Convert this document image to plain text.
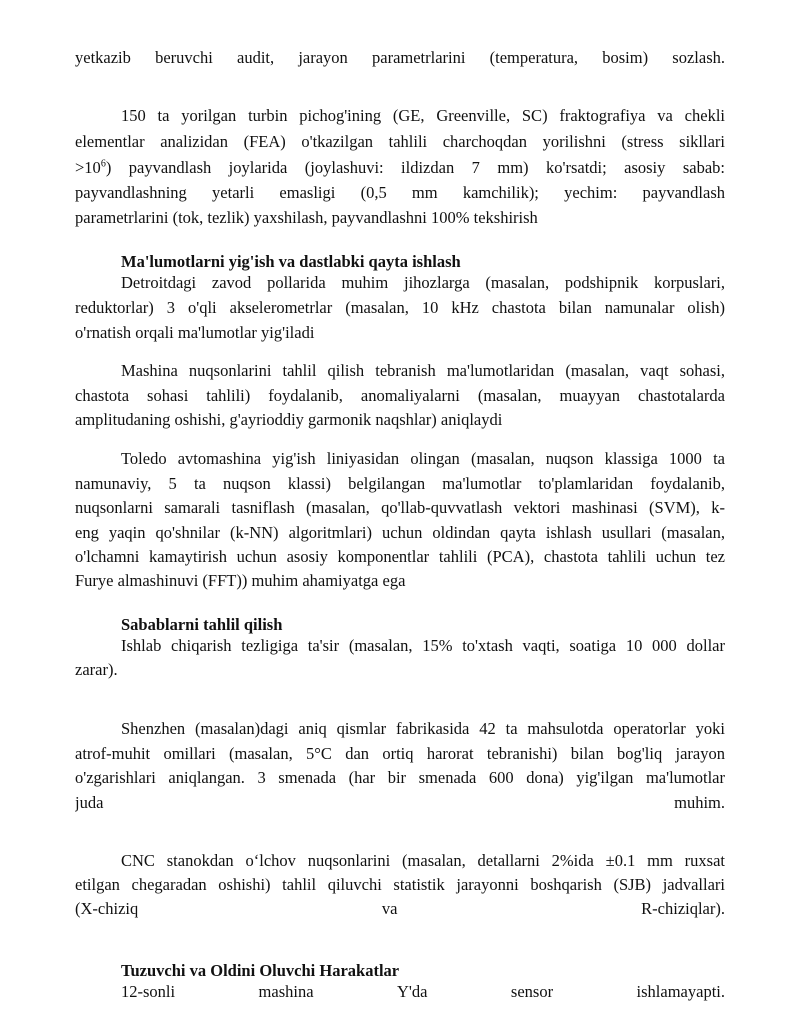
yetkazib beruvchi audit, jarayon parametrlarini (temperatura, bosim) sozlash.
150 ta yorilgan turbin pichog'ining (GE, Greenville, SC) fraktografiya va chekli
elementlar analizidan (FEA) o'tkazilgan tahlili charchoqdan yorilishni (stress sikllari
$>10^6$) payvandlash joylarida (joylashuvi: ildizdan 7 mm) ko'rsatdi; asosiy sabab:
payvandlashning yetarli emasligi (0,5 mm kamchilik); yechim: payvandlash
parametrlarini (tok, tezlik) yaxshilash, payvandlashni 100% tekshirish
Ma'lumotlarni yig'ish va dastlabki qayta ishlash
Detroitdagi zavod pollarida muhim jihozlarga (masalan, podshipnik korpuslari,
reduktorlar) 3 o'qli akselerometrlar (masalan, 10 kHz chastota bilan namunalar olish)
o'rnatish orqali ma'lumotlar yig'iladi
Mashina nuqsonlarini tahlil qilish tebranish ma'lumotlaridan (masalan, vaqt sohasi,
chastota sohasi tahlili) foydalanib, anomaliyalarni (masalan, muayyan chastotalarda
amplitudaning oshishi, g'ayrioddiy garmonik naqshlar) aniqlaydi
Toledo avtomashina yig'ish liniyasidan olingan (masalan, nuqson klassiga 1000 ta
namunaviy, 5 ta nuqson klassi) belgilangan ma'lumotlar to'plamlaridan foydalanib,
nuqsonlarni samarali tasniflash (masalan, qo'llab-quvvatlash vektori mashinasi (SVM), k-
eng yaqin qo'shnilar (k-NN) algoritmlari) uchun oldindan qayta ishlash usullari (masalan,
o'lchamni kamaytirish uchun asosiy komponentlar tahlili (PCA), chastota tahlili uchun tez
Furye almashinuvi (FFT)) muhim ahamiyatga ega
Sabablarni tahlil qilish
Ishlab chiqarish tezligiga ta'sir (masalan, 15% to'xtash vaqti, soatiga 10 000 dollar
zarar).
Shenzhen (masalan)dagi aniq qismlar fabrikasida 42 ta mahsulotda operatorlar yoki
atrof-muhit omillari (masalan, 5°C dan ortiq harorat tebranishi) bilan bog'liq jarayon
o'zgarishlari aniqlangan. 3 smenada (har bir smenada 600 dona) yig'ilgan ma'lumotlar
juda	muhim.
CNC stanokdan o‘lchov nuqsonlarini (masalan, detallarni 2%ida ±0.1 mm ruxsat
etilgan chegaradan oshishi) tahlil qiluvchi statistik jarayonni boshqarish (SJB) jadvallari
(X-chiziq	va	R-chiziqlar).
Tuzuvchi va Oldini Oluvchi Harakatlar
12-sonli	mashina	Y'da	sensor	ishlamayapti.
